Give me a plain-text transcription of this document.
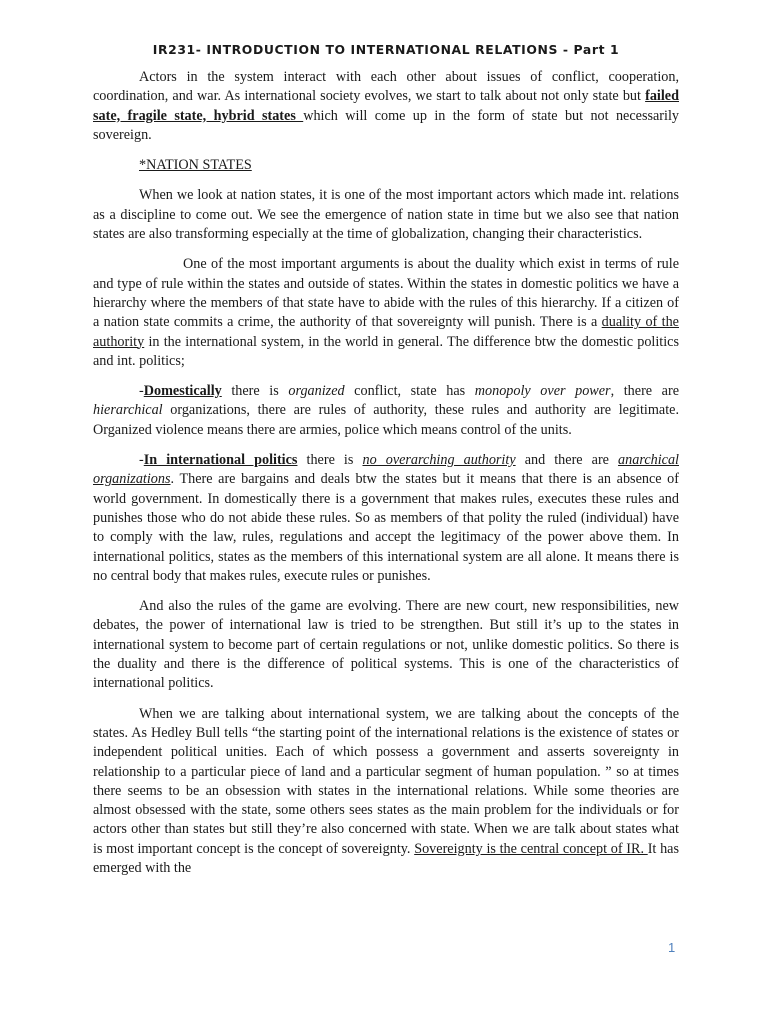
IR231- INTRODUCTION TO INTERNATIONAL RELATIONS - Part 1

Actors in the system interact with each other about issues of conflict, cooperation, coordination, and war. As international society evolves, we start to talk about not only state but failed sate, fragile state, hybrid states which will come up in the form of state but not necessarily sovereign.

*NATION STATES

When we look at nation states, it is one of the most important actors which made int. relations as a discipline to come out. We see the emergence of nation state in time but we also see that nation states are also transforming especially at the time of globalization, changing their characteristics.

One of the most important arguments is about the duality which exist in terms of rule and type of rule within the states and outside of states. Within the states in domestic politics we have a hierarchy where the members of that state have to abide with the rules of this hierarchy. If a citizen of a nation state commits a crime, the authority of that sovereignty will punish. There is a duality of the authority in the international system, in the world in general. The difference btw the domestic politics and int. politics;

-Domestically there is organized conflict, state has monopoly over power, there are hierarchical organizations, there are rules of authority, these rules and authority are legitimate. Organized violence means there are armies, police which means control of the units.

-In international politics there is no overarching authority and there are anarchical organizations. There are bargains and deals btw the states but it means that there is an absence of world government. In domestically there is a government that makes rules, executes these rules and punishes those who do not abide these rules. So as members of that polity the ruled (individual) have to comply with the law, rules, regulations and accept the legitimacy of the power above them. In international politics, states as the members of this international system are all alone. It means there is no central body that makes rules, execute rules or punishes.

And also the rules of the game are evolving. There are new court, new responsibilities, new debates, the power of international law is tried to be strengthen. But still it’s up to the states in international system to become part of certain regulations or not, unlike domestic politics. So there is the duality and there is the difference of political systems. This is one of the characteristics of international politics.

When we are talking about international system, we are talking about the concepts of the states. As Hedley Bull tells “the starting point of the international relations is the existence of states or independent political unities. Each of which possess a government and asserts sovereignty in relationship to a particular piece of land and a particular segment of human population. ” so at times there seems to be an obsession with states in the international relations. While some theories are almost obsessed with the state, some others sees states as the main problem for the individuals or for actors other than states but still they’re also concerned with state. When we are talk about states what is most important concept is the concept of sovereignty. Sovereignty is the central concept of IR. It has emerged with the

1
